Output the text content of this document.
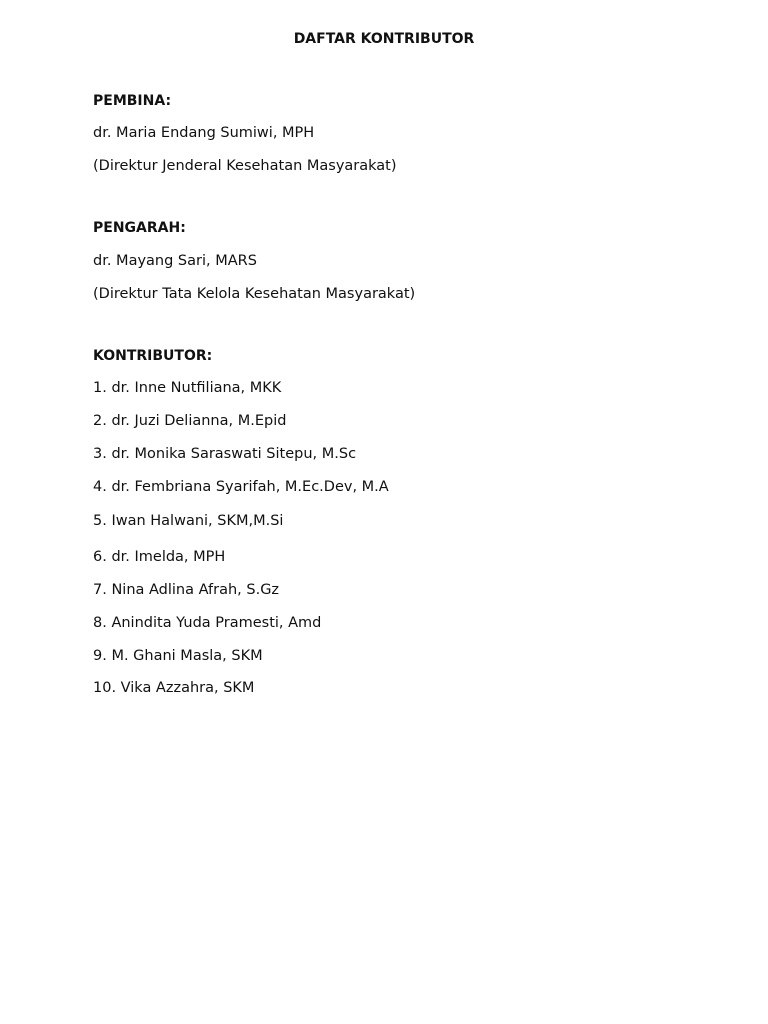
DAFTAR KONTRIBUTOR
PEMBINA:
dr. Maria Endang Sumiwi, MPH
(Direktur Jenderal Kesehatan Masyarakat)
PENGARAH:
dr. Mayang Sari, MARS
(Direktur Tata Kelola Kesehatan Masyarakat)
KONTRIBUTOR:
1. dr. Inne Nutfiliana, MKK
2. dr. Juzi Delianna, M.Epid
3. dr. Monika Saraswati Sitepu, M.Sc
4. dr. Fembriana Syarifah, M.Ec.Dev, M.A
5. Iwan Halwani, SKM,M.Si
6. dr. Imelda, MPH
7. Nina Adlina Afrah, S.Gz
8. Anindita Yuda Pramesti, Amd
9. M. Ghani Masla, SKM
10. Vika Azzahra, SKM
